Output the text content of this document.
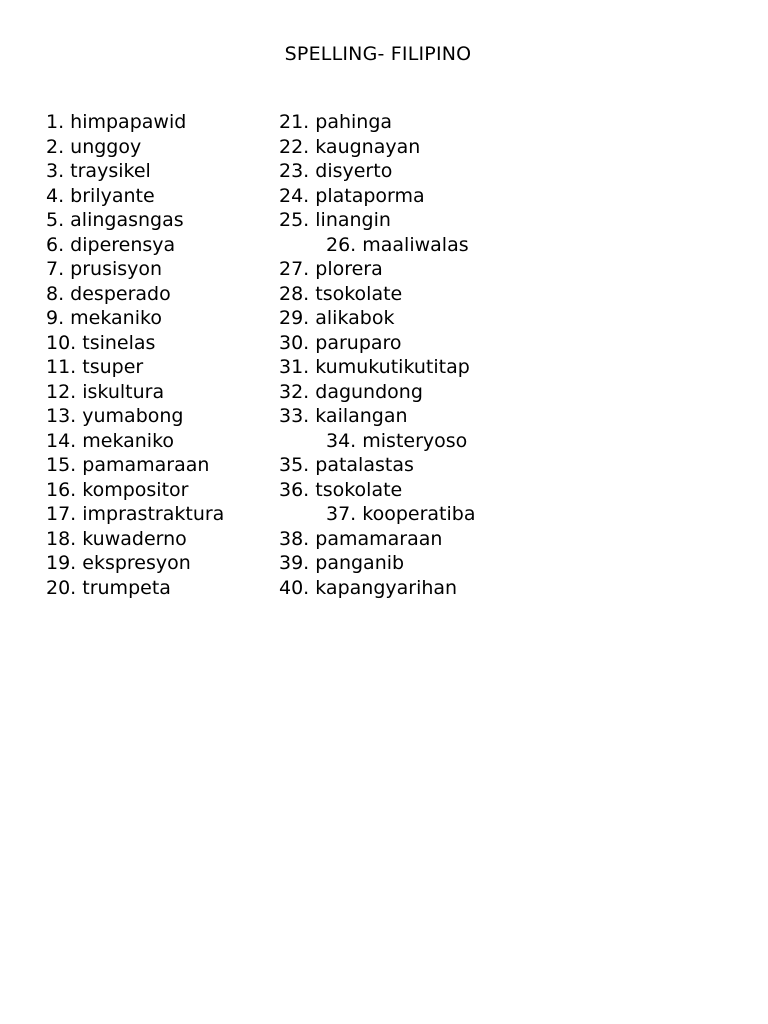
SPELLING- FILIPINO
1. himpapawid
2. unggoy
3. traysikel
4. brilyante
5. alingasngas
6. diperensya
7. prusisyon
8. desperado
9. mekaniko
10. tsinelas
11. tsuper
12. iskultura
13. yumabong
14. mekaniko
15. pamamaraan
16. kompositor
17. imprastraktura
18. kuwaderno
19. ekspresyon
20. trumpeta
21. pahinga
22. kaugnayan
23. disyerto
24. plataporma
25. linangin
26. maaliwalas
27. plorera
28. tsokolate
29. alikabok
30. paruparo
31. kumukutikutitap
32. dagundong
33. kailangan
34. misteryoso
35. patalastas
36. tsokolate
37. kooperatiba
38. pamamaraan
39. panganib
40. kapangyarihan
